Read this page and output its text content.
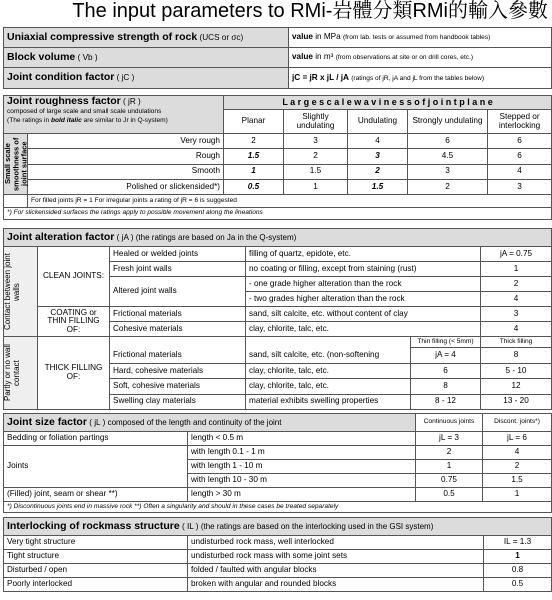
The input parameters to RMi-岩體分類RMi的輸入參數
Uniaxial compressive strength of rock (UCS or σc)	value in MPa (from lab. tests or assumed from handbook tables)
Block volume ( Vb )	value in m³ (from observations at site or on drill cores, etc.)
Joint condition factor ( jC )	jC = jR x jL / jA (ratings of jR, jA and jL from the tables below)
Joint roughness factor ( jR )
composed of large scale and small scale undulations
(The ratings in bold italic are similar to Jr in Q-system)		L a r g e s c a l e w a v i n e s s o f j o i n t p l a n e				
		Planar	Slightly undulating	Undulating	Strongly undulating	Stepped or interlocking

Small scale smoothness of joint surface	Very rough	2	3	4	6	6
	Rough	1.5	2	3	4.5	6
	Smooth	1	1.5	2	3	4
	Polished or slickensided*)	0.5	1	1.5	2	3
	For filled joints jR = 1 For irregular joints a rating of jR = 6 is suggested					
*) For slickensided surfaces the ratings apply to possible movement along the lineations						
Joint alteration factor ( jA ) (the ratings are based on Ja in the Q-system)					

Contact between joint walls	CLEAN JOINTS:	Healed or welded joints	filling of quartz, epidote, etc.		jA = 0.75
		Fresh joint walls	no coating or filling, except from staining (rust)		1
		Altered joint walls	- one grade higher alteration than the rock		2
			- two grades higher alteration than the rock		4
	COATING or THIN FILLING OF:	Frictional materials	sand, silt calcite, etc. without content of clay		3
		Cohesive materials	clay, chlorite, talc, etc.		4

Partly or no wall contact	THICK FILLING OF:			Thin filling (< 5mm)	Thick filling
		Frictional materials	sand, silt calcite, etc. (non-softening	jA = 4	8
		Hard, cohesive materials	clay, chlorite, talc, etc.	6	5 - 10
		Soft, cohesive materials	clay, chlorite, talc, etc.	8	12
		Swelling clay materials	material exhibits swelling properties	8 - 12	13 - 20
Joint size factor ( jL ) composed of the length and continuity of the joint		Continuous joints	Discont. joints*)
Bedding or foliation partings	length < 0.5 m	jL = 3	jL = 6
Joints	with length 0.1 - 1 m	2	4
	with length 1 - 10 m	1	2
	with length 10 - 30 m	0.75	1.5
(Filled) joint, seam or shear **)	length > 30 m	0.5	1
*) Discontinuous joints end in massive rock **) Often a singularity and should in these cases be treated separately			
Interlocking of rockmass structure ( IL ) (the ratings are based on the interlocking used in the GSI system)		
Very tight structure	undisturbed rock mass, well interlocked	IL = 1.3
Tight structure	undisturbed rock mass with some joint sets	1
Disturbed / open	folded / faulted with angular blocks	0.8
Poorly interlocked	broken with angular and rounded blocks	0.5
